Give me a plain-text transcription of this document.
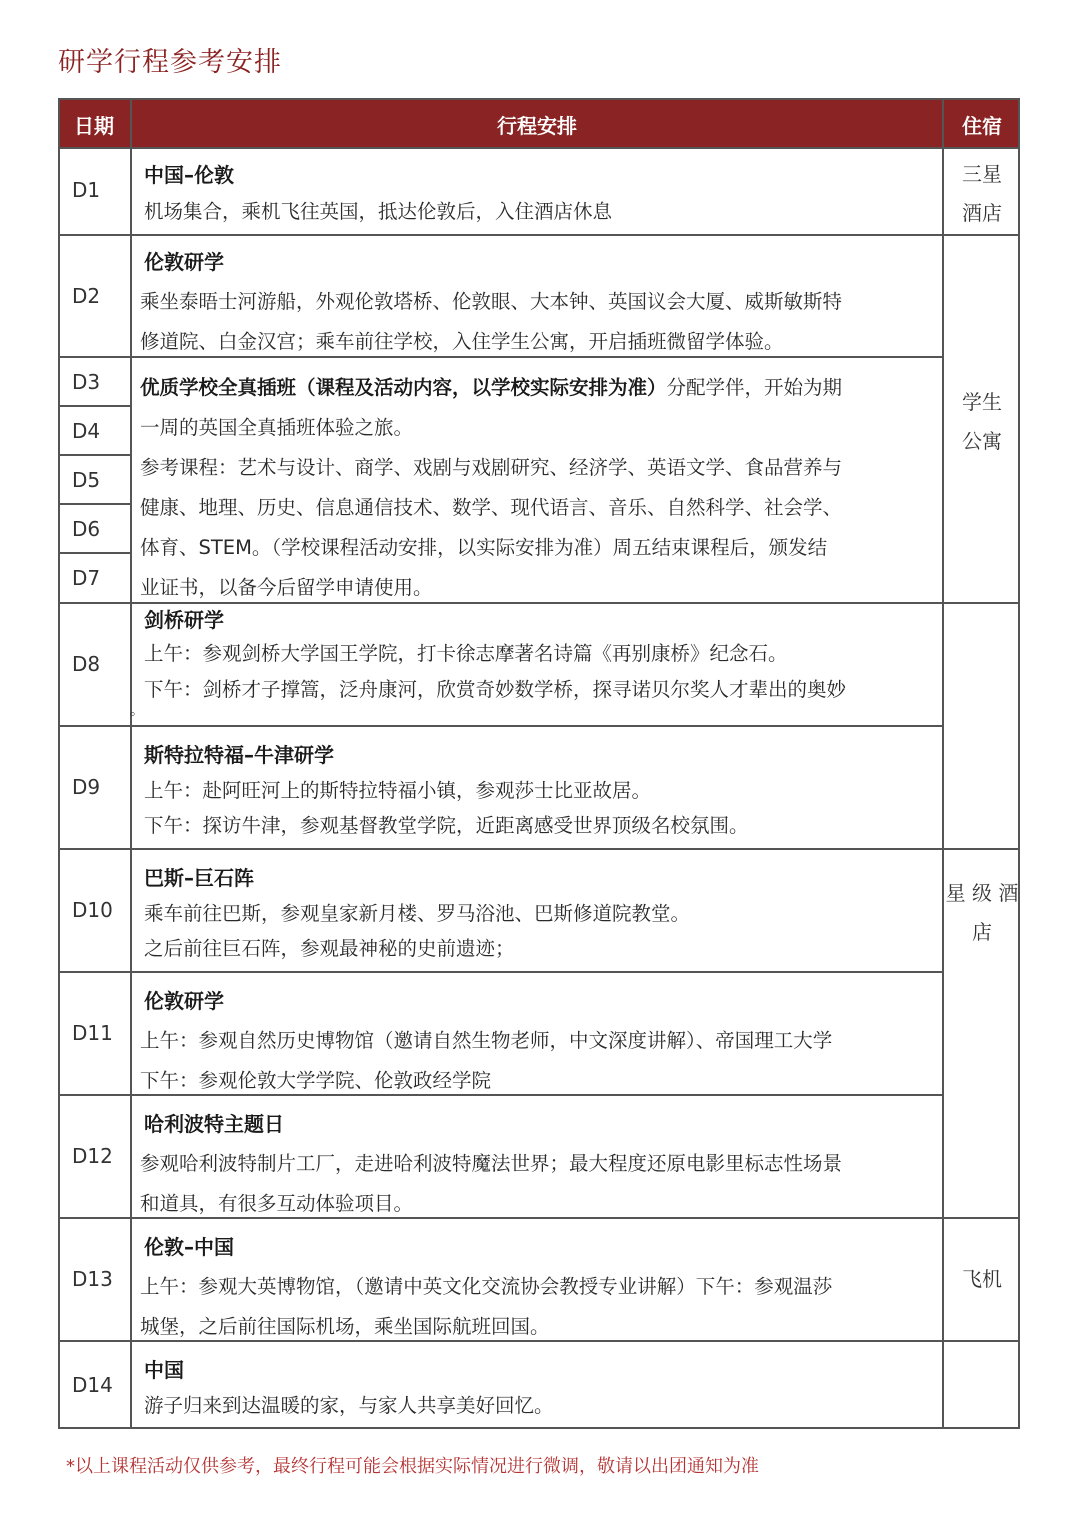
研学行程参考安排
日期	行程安排	住宿
D1
D2
D3
D4
D5
D6
D7
D8
D9
D10
D11
D12
D13
D14
中国–伦敦
机场集合，乘机飞往英国，抵达伦敦后，入住酒店休息
伦敦研学
乘坐泰晤士河游船，外观伦敦塔桥、伦敦眼、大本钟、英国议会大厦、威斯敏斯特
修道院、白金汉宫；乘车前往学校，入住学生公寓，开启插班微留学体验。
优质学校全真插班（课程及活动内容，以学校实际安排为准）分配学伴，开始为期
一周的英国全真插班体验之旅。
参考课程：艺术与设计、商学、戏剧与戏剧研究、经济学、英语文学、食品营养与
健康、地理、历史、信息通信技术、数学、现代语言、音乐、自然科学、社会学、
体育、STEM。（学校课程活动安排，以实际安排为准）周五结束课程后，颁发结
业证书，以备今后留学申请使用。
剑桥研学
上午：参观剑桥大学国王学院，打卡徐志摩著名诗篇《再别康桥》纪念石。
下午：剑桥才子撑篙，泛舟康河，欣赏奇妙数学桥，探寻诺贝尔奖人才辈出的奥妙
。
斯特拉特福–牛津研学
上午：赴阿旺河上的斯特拉特福小镇，参观莎士比亚故居。
下午：探访牛津，参观基督教堂学院，近距离感受世界顶级名校氛围。
巴斯–巨石阵
乘车前往巴斯，参观皇家新月楼、罗马浴池、巴斯修道院教堂。
之后前往巨石阵，参观最神秘的史前遗迹；
伦敦研学
上午：参观自然历史博物馆（邀请自然生物老师，中文深度讲解）、帝国理工大学
下午：参观伦敦大学学院、伦敦政经学院
哈利波特主题日
参观哈利波特制片工厂，走进哈利波特魔法世界；最大程度还原电影里标志性场景
和道具，有很多互动体验项目。
伦敦–中国
上午：参观大英博物馆，（邀请中英文化交流协会教授专业讲解）下午：参观温莎
城堡，之后前往国际机场，乘坐国际航班回国。
中国
游子归来到达温暖的家，与家人共享美好回忆。
三星
酒店
学生
公寓
星 级 酒
店
飞机
*以上课程活动仅供参考，最终行程可能会根据实际情况进行微调，敬请以出团通知为准
